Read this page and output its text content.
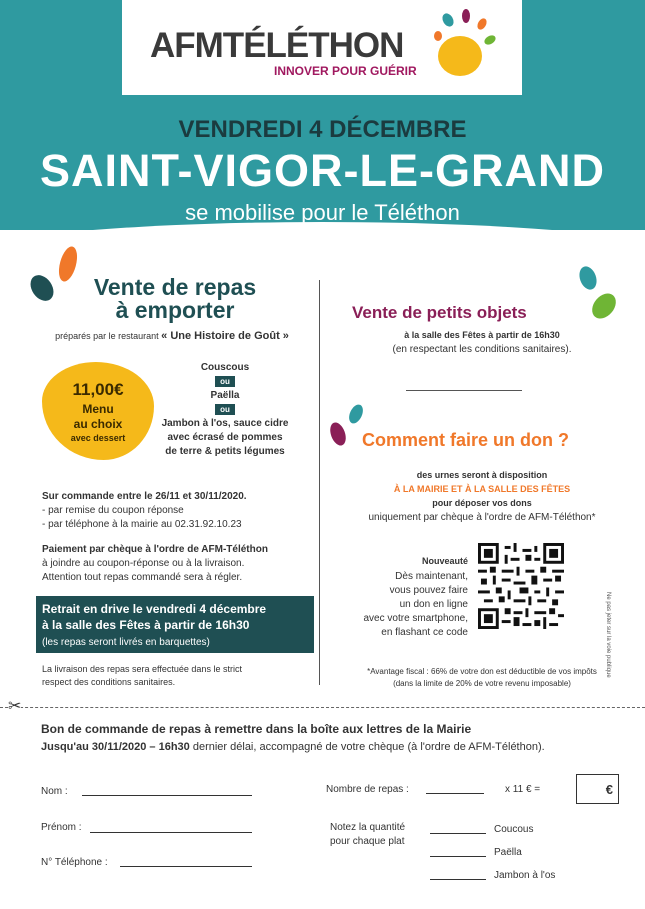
AFMTÉLÉTHON
INNOVER POUR GUÉRIR
VENDREDI 4 DÉCEMBRE
SAINT-VIGOR-LE-GRAND
se mobilise pour le Téléthon
Vente de repas
à emporter
préparés par le restaurant « Une Histoire de Goût »
11,00€
Menu
au choix
avec dessert
Couscous
ou
Paëlla
ou
Jambon à l'os, sauce cidre
avec écrasé de pommes
de terre & petits légumes
Sur commande entre le 26/11 et 30/11/2020.
- par remise du coupon réponse
- par téléphone à la mairie au 02.31.92.10.23
Paiement par chèque à l'ordre de AFM-Téléthon
à joindre au coupon-réponse ou à la livraison.
Attention tout repas commandé sera à régler.
Retrait en drive le vendredi 4 décembre
à la salle des Fêtes à partir de 16h30
(les repas seront livrés en barquettes)
La livraison des repas sera effectuée dans le strict
respect des conditions sanitaires.
Vente de petits objets
à la salle des Fêtes à partir de 16h30
(en respectant les conditions sanitaires).
Comment faire un don ?
des urnes seront à disposition
À LA MAIRIE ET À LA SALLE DES FÊTES
pour déposer vos dons
uniquement par chèque à l'ordre de AFM-Téléthon*
Nouveauté
Dès maintenant,
vous pouvez faire
un don en ligne
avec votre smartphone,
en flashant ce code	Ne pas jeter sur la voie publique
*Avantage fiscal : 66% de votre don est déductible de vos impôts
(dans la limite de 20% de votre revenu imposable)
✂
Bon de commande de repas à remettre dans la boîte aux lettres de la Mairie
Jusqu'au 30/11/2020 – 16h30 dernier délai, accompagné de votre chèque (à l'ordre de AFM-Téléthon).
Nom :
Prénom :
N° Téléphone :
Nombre de repas :	x 11 € =	€
Notez la quantité
pour chaque plat
Coucous
Paëlla
Jambon à l'os
